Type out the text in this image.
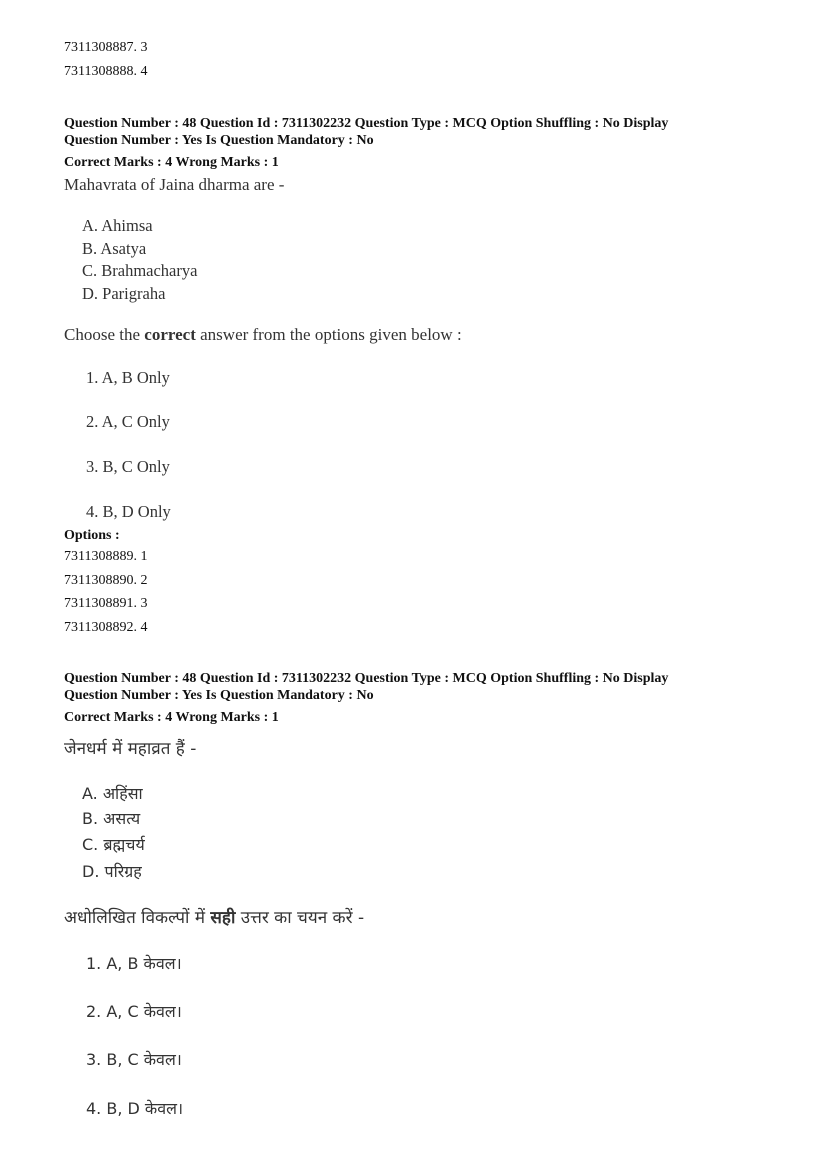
7311308887. 3
7311308888. 4
Question Number : 48 Question Id : 7311302232 Question Type : MCQ Option Shuffling : No Display
Question Number : Yes Is Question Mandatory : No
Correct Marks : 4 Wrong Marks : 1
Mahavrata of Jaina dharma are -
A. Ahimsa
B. Asatya
C. Brahmacharya
D. Parigraha
Choose the correct answer from the options given below :
1. A, B Only
2. A, C Only
3. B, C Only
4. B, D Only
Options :
7311308889. 1
7311308890. 2
7311308891. 3
7311308892. 4
Question Number : 48 Question Id : 7311302232 Question Type : MCQ Option Shuffling : No Display
Question Number : Yes Is Question Mandatory : No
Correct Marks : 4 Wrong Marks : 1
जेनधर्म में महाव्रत हैं -
A. अहिंसा
B. असत्य
C. ब्रह्मचर्य
D. परिग्रह
अधोलिखित विकल्पों में सही उत्तर का चयन करें -
1. A, B केवल।
2. A, C केवल।
3. B, C केवल।
4. B, D केवल।
